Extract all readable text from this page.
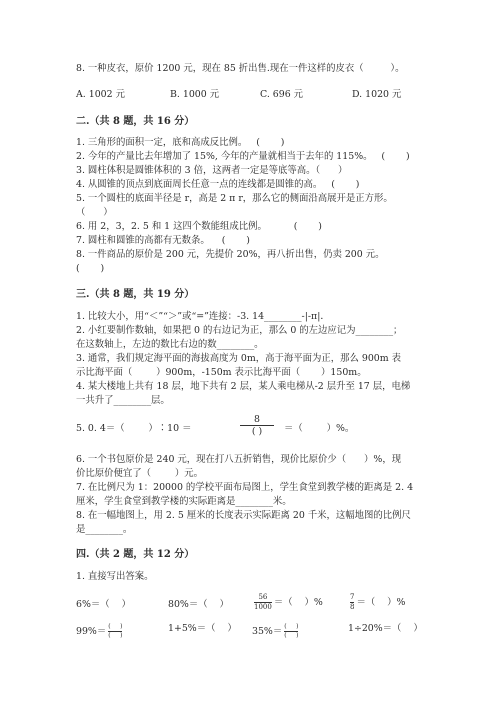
8. 一种皮衣，原价 1200 元，现在 85 折出售.现在一件这样的皮衣（         ）。
A. 1002 元	B. 1000 元	C. 696 元	D. 1020 元
二.（共 8 题，共 16 分）
1. 三角形的面积一定，底和高成反比例。   (       )
2. 今年的产量比去年增加了 15%, 今年的产量就相当于去年的 115%。   (       )
3. 圆柱体积是圆锥体积的 3 倍，这两者一定是等底等高。（      ）
4. 从圆锥的顶点到底面周长任意一点的连线都是圆锥的高。   (       )
5. 一个圆柱的底面半径是 r，高是 2 π r，那么它的侧面沿高展开是正方形。
（      ）
6. 用 2，3，2. 5 和 1 这四个数能组成比例。         (       )
7. 圆柱和圆锥的高都有无数条。    (       )
8. 一件商品的原价是 200 元，先提价 20%，再八折出售，仍卖 200 元。
(       )
三.（共 8 题，共 19 分）
1. 比较大小，用“＜”“＞”或“=”连接：-3. 14________-|-π|．
2. 小红要制作数轴，如果把 0 的右边记为正，那么 0 的左边应记为________；
在这数轴上，左边的数比右边的数________。
3. 通常，我们规定海平面的海拔高度为 0m，高于海平面为正，那么 900m 表
示比海平面（        ）900m，-150m 表示比海平面（       ）150m。
4. 某大楼地上共有 18 层，地下共有 2 层，某人乘电梯从-2 层升至 17 层，电梯
一共升了________层。
5. 0. 4＝（        ）∶10 ＝
8
( ) ＝（        ）%。
6. 一个书包原价是 240 元，现在打八五折销售，现价比原价少（      ）%，现
价比原价便宜了（        ）元。
7. 在比例尺为 1：20000 的学校平面布局图上，学生食堂到教学楼的距离是 2. 4
厘米，学生食堂到教学楼的实际距离是________米。
8. 在一幅地图上，用 2. 5 厘米的长度表示实际距离 20 千米，这幅地图的比例尺
是________。
四.（共 2 题，共 12 分）
1. 直接写出答案。
6%＝（    ）	80%＝（    ）	$\frac{56}{1000}$ ＝（    ）%	$\frac{7}{8}$ ＝（    ）%
$99\%= \frac{( )}{( )}$	1+5%＝（    ） $35\%= \frac{( )}{( )}$	1÷20%＝（    ）
